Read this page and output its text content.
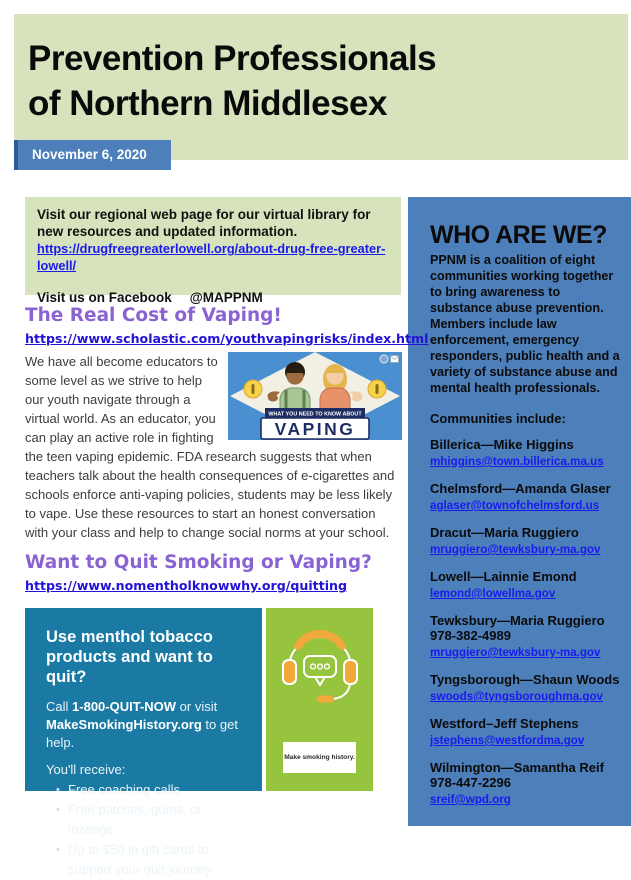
Prevention Professionals
of Northern Middlesex
November 6, 2020
Visit our regional web page for our virtual library for new resources and updated information.
https://drugfreegreaterlowell.org/about-drug-free-greater-lowell/
Visit us on Facebook @MAPPNM
WHO ARE WE?
PPNM is a coalition of eight communities working together to bring awareness to substance abuse prevention. Members include law enforcement, emergency responders, public health and a variety of substance abuse and mental health professionals.
Communities include:
Billerica—Mike Higgins
mhiggins@town.billerica.ma.us
Chelmsford—Amanda Glaser
aglaser@townofchelmsford.us
Dracut—Maria Ruggiero
mruggiero@tewksbury-ma.gov
Lowell—Lainnie Emond
lemond@lowellma.gov
Tewksbury—Maria Ruggiero
978-382-4989
mruggiero@tewksbury-ma.gov
Tyngsborough—Shaun Woods
swoods@tyngsboroughma.gov
Westford–Jeff Stephens
jstephens@westfordma.gov
Wilmington—Samantha Reif
978-447-2296
sreif@wpd.org
The Real Cost of Vaping!
https://www.scholastic.com/youthvapingrisks/index.html
WHAT YOU NEED TO KNOW ABOUT
VAPING
We have all become educators to some level as we strive to help our youth navigate through a virtual world. As an educator, you can play an active role in fighting the teen vaping epidemic. FDA research suggests that when teachers talk about the health consequences of e-cigarettes and schools enforce anti-vaping policies, students may be less likely to vape. Use these resources to start an honest conversation with your class and help to change social norms at your school.
Want to Quit Smoking or Vaping?
https://www.nomentholknowwhy.org/quitting
Use menthol tobacco products and want to quit?
Call 1-800-QUIT-NOW or visit MakeSmokingHistory.org to get help.
You'll receive:
• Free coaching calls
• Free patches, gums, or lozenge
• Up to $50 in gift cards to support your quit journey
Make smoking history.
